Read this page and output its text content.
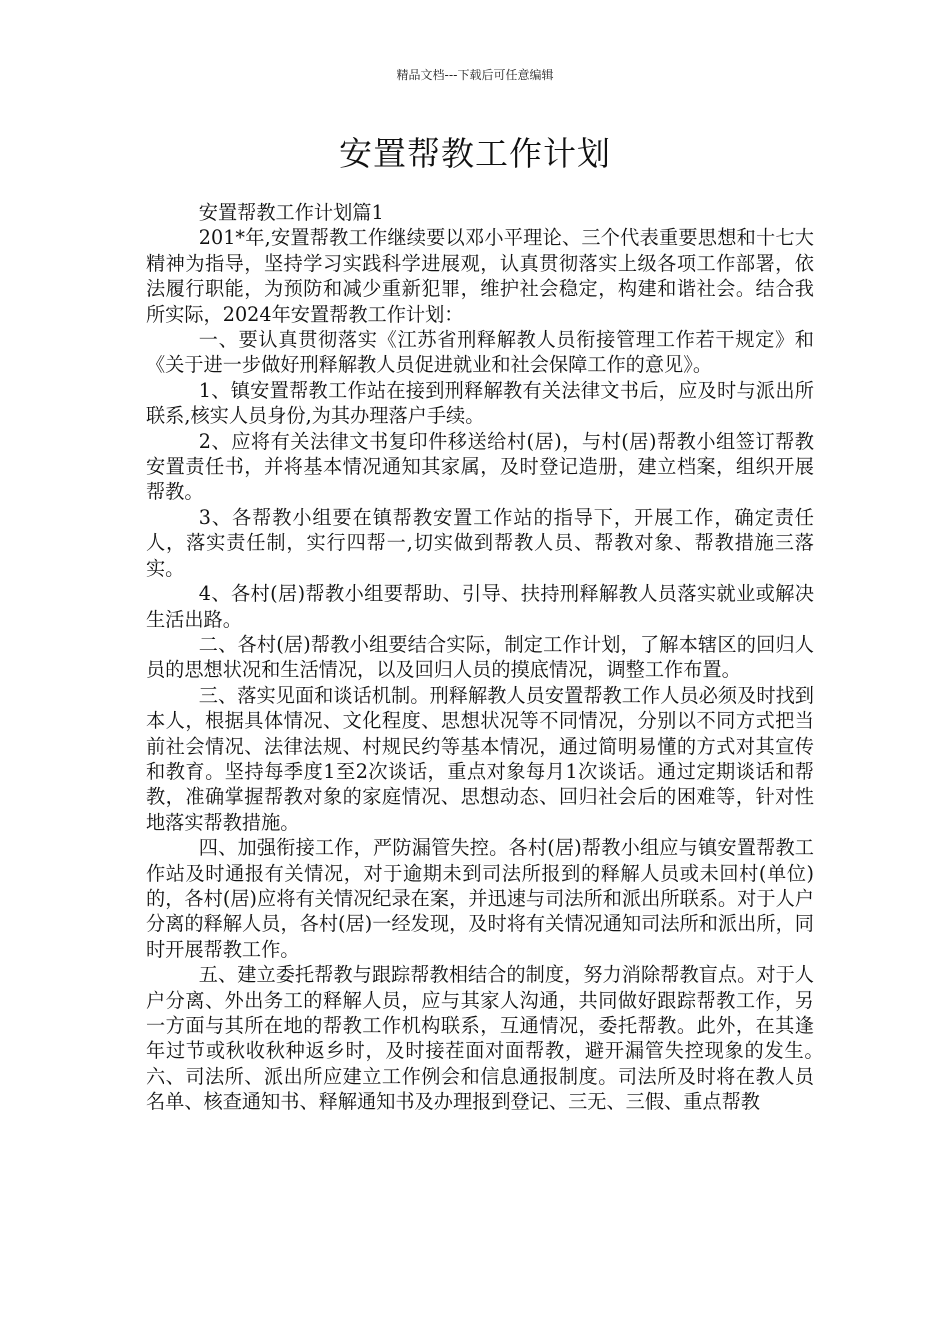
精品文档---下载后可任意编辑
安置帮教工作计划

安置帮教工作计划篇1

201*年,安置帮教工作继续要以邓小平理论、三个代表重要思想和十七大精神为指导，坚持学习实践科学进展观，认真贯彻落实上级各项工作部署，依法履行职能，为预防和减少重新犯罪，维护社会稳定，构建和谐社会。结合我所实际，2024年安置帮教工作计划：

一、要认真贯彻落实《江苏省刑释解教人员衔接管理工作若干规定》和《关于进一步做好刑释解教人员促进就业和社会保障工作的意见》。

1、镇安置帮教工作站在接到刑释解教有关法律文书后，应及时与派出所联系,核实人员身份,为其办理落户手续。

2、应将有关法律文书复印件移送给村(居)，与村(居)帮教小组签订帮教安置责任书，并将基本情况通知其家属，及时登记造册，建立档案，组织开展帮教。

3、各帮教小组要在镇帮教安置工作站的指导下，开展工作，确定责任人，落实责任制，实行四帮一,切实做到帮教人员、帮教对象、帮教措施三落实。

4、各村(居)帮教小组要帮助、引导、扶持刑释解教人员落实就业或解决生活出路。

二、各村(居)帮教小组要结合实际，制定工作计划，了解本辖区的回归人员的思想状况和生活情况，以及回归人员的摸底情况，调整工作布置。

三、落实见面和谈话机制。刑释解教人员安置帮教工作人员必须及时找到本人，根据具体情况、文化程度、思想状况等不同情况，分别以不同方式把当前社会情况、法律法规、村规民约等基本情况，通过简明易懂的方式对其宣传和教育。坚持每季度1至2次谈话，重点对象每月1次谈话。通过定期谈话和帮教，准确掌握帮教对象的家庭情况、思想动态、回归社会后的困难等，针对性地落实帮教措施。

四、加强衔接工作，严防漏管失控。各村(居)帮教小组应与镇安置帮教工作站及时通报有关情况，对于逾期未到司法所报到的释解人员或未回村(单位)的，各村(居)应将有关情况纪录在案，并迅速与司法所和派出所联系。对于人户分离的释解人员，各村(居)一经发现，及时将有关情况通知司法所和派出所，同时开展帮教工作。

五、建立委托帮教与跟踪帮教相结合的制度，努力消除帮教盲点。对于人户分离、外出务工的释解人员，应与其家人沟通，共同做好跟踪帮教工作，另一方面与其所在地的帮教工作机构联系，互通情况，委托帮教。此外，在其逢年过节或秋收秋种返乡时，及时接茬面对面帮教，避开漏管失控现象的发生。　六、司法所、派出所应建立工作例会和信息通报制度。司法所及时将在教人员名单、核查通知书、释解通知书及办理报到登记、三无、三假、重点帮教
